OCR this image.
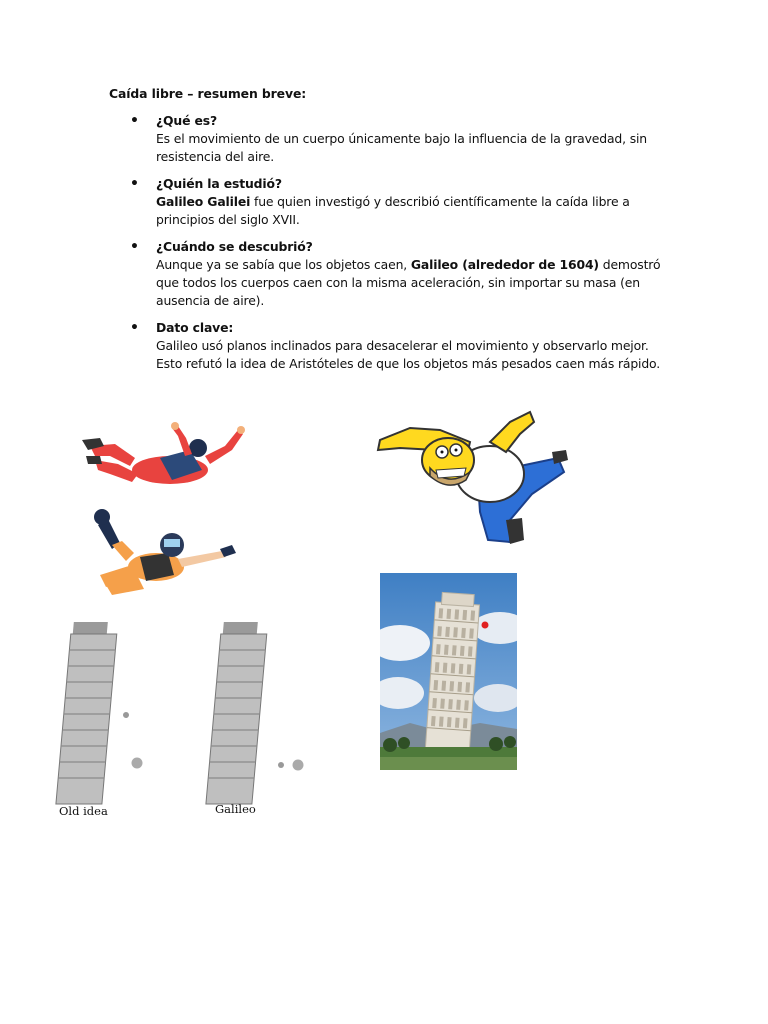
Caída libre – resumen breve:
• ¿Qué es?
Es el movimiento de un cuerpo únicamente bajo la influencia de la gravedad, sin resistencia del aire.
• ¿Quién la estudió?
Galileo Galilei fue quien investigó y describió científicamente la caída libre a principios del siglo XVII.
• ¿Cuándo se descubrió?
Aunque ya se sabía que los objetos caen, Galileo (alrededor de 1604) demostró que todos los cuerpos caen con la misma aceleración, sin importar su masa (en ausencia de aire).
• Dato clave:
Galileo usó planos inclinados para desacelerar el movimiento y observarlo mejor. Esto refutó la idea de Aristóteles de que los objetos más pesados caen más rápido.
Old idea	Galileo
